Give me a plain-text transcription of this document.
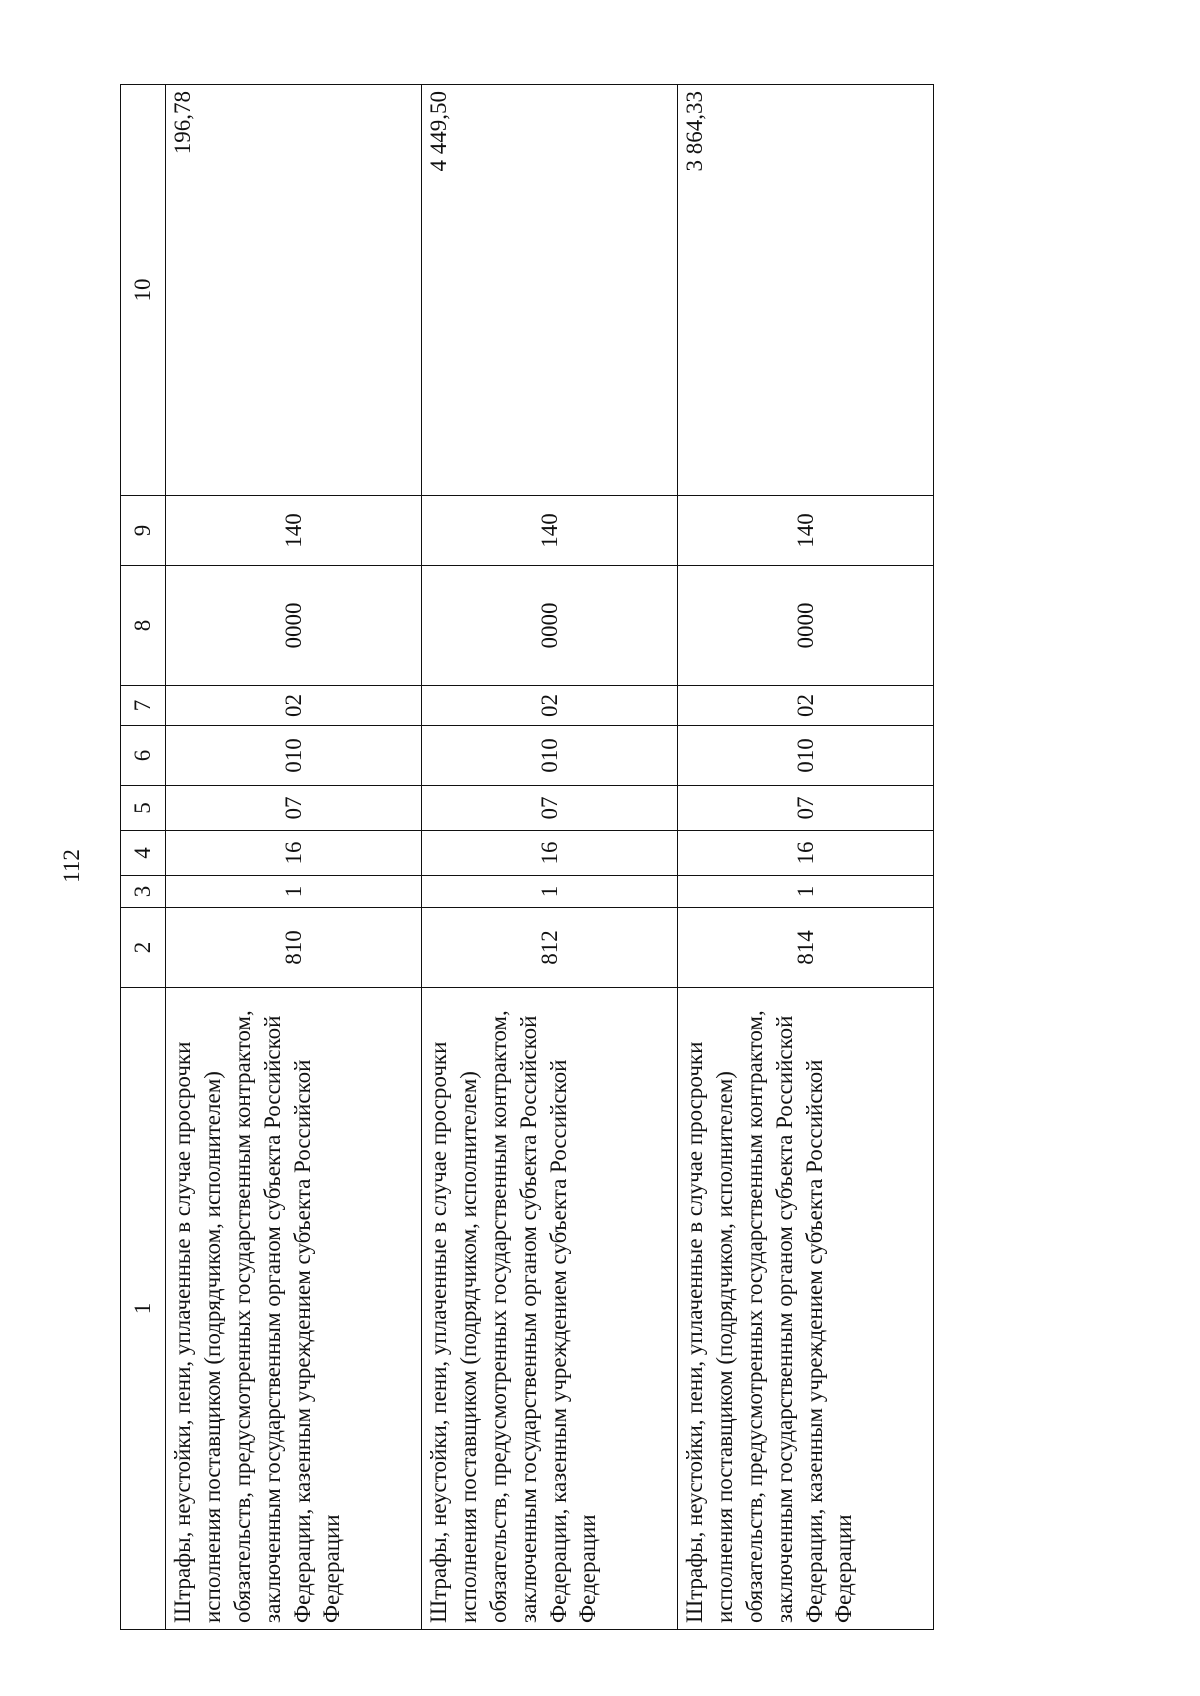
112
1	2	3	4	5	6	7	8	9	10

Штрафы, неустойки, пени, уплаченные в случае просрочки исполнения поставщиком (подрядчиком, исполнителем) обязательств, предусмотренных государственным контрактом, заключенным государственным органом субъекта Российской Федерации, казенным учреждением субъекта Российской Федерации	810	1	16	07	010	02	0000	140	196,78

Штрафы, неустойки, пени, уплаченные в случае просрочки исполнения поставщиком (подрядчиком, исполнителем) обязательств, предусмотренных государственным контрактом, заключенным государственным органом субъекта Российской Федерации, казенным учреждением субъекта Российской Федерации	812	1	16	07	010	02	0000	140	4 449,50

Штрафы, неустойки, пени, уплаченные в случае просрочки исполнения поставщиком (подрядчиком, исполнителем) обязательств, предусмотренных государственным контрактом, заключенным государственным органом субъекта Российской Федерации, казенным учреждением субъекта Российской Федерации	814	1	16	07	010	02	0000	140	3 864,33
